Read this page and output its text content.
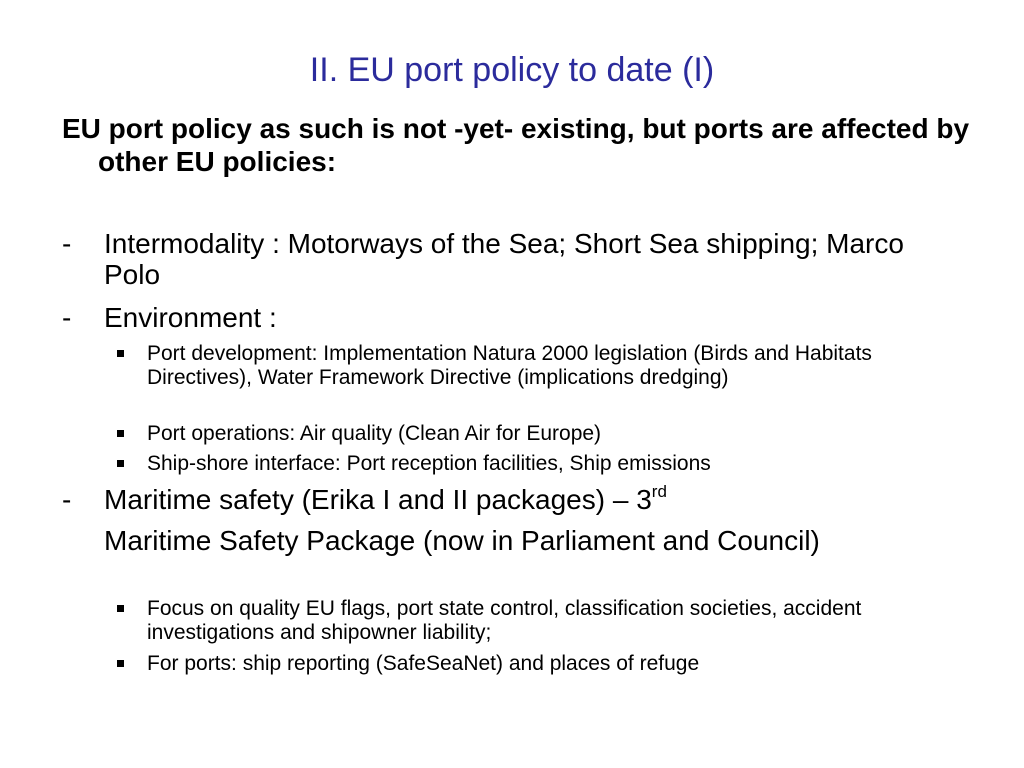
II. EU port policy to date (I)
EU port policy as such is not -yet- existing, but ports are affected by other EU policies:
- Intermodality : Motorways of the Sea; Short Sea shipping; Marco Polo
- Environment :
Port development: Implementation Natura 2000 legislation (Birds and Habitats Directives), Water Framework Directive (implications dredging)
Port operations: Air quality (Clean Air for Europe)
Ship-shore interface: Port reception facilities, Ship emissions
- Maritime safety (Erika I and II packages) – 3rd
Maritime Safety Package (now in Parliament and Council)
Focus on quality EU flags, port state control, classification societies, accident investigations and shipowner liability;
For ports: ship reporting (SafeSeaNet) and places of refuge
